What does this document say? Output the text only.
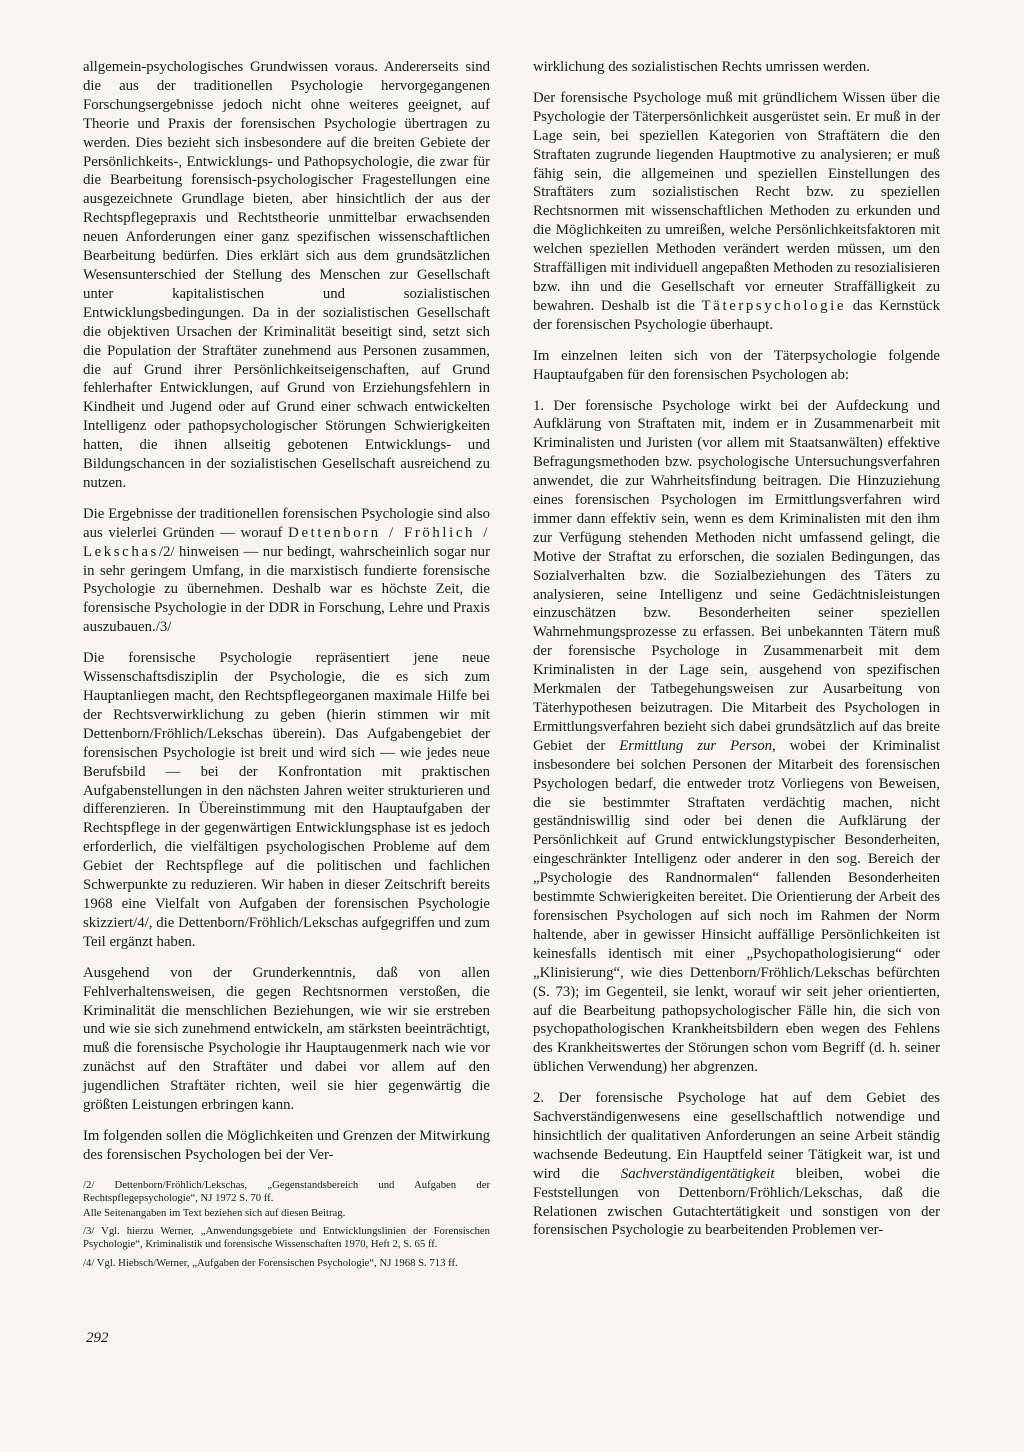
allgemein-psychologisches Grundwissen voraus. Andererseits sind die aus der traditionellen Psychologie hervorgegangenen Forschungsergebnisse jedoch nicht ohne weiteres geeignet, auf Theorie und Praxis der forensischen Psychologie übertragen zu werden. Dies bezieht sich insbesondere auf die breiten Gebiete der Persönlichkeits-, Entwicklungs- und Pathopsychologie, die zwar für die Bearbeitung forensisch-psychologischer Fragestellungen eine ausgezeichnete Grundlage bieten, aber hinsichtlich der aus der Rechtspflegepraxis und Rechtstheorie unmittelbar erwachsenden neuen Anforderungen einer ganz spezifischen wissenschaftlichen Bearbeitung bedürfen. Dies erklärt sich aus dem grundsätzlichen Wesensunterschied der Stellung des Menschen zur Gesellschaft unter kapitalistischen und sozialistischen Entwicklungsbedingungen. Da in der sozialistischen Gesellschaft die objektiven Ursachen der Kriminalität beseitigt sind, setzt sich die Population der Straftäter zunehmend aus Personen zusammen, die auf Grund ihrer Persönlichkeitseigenschaften, auf Grund fehlerhafter Entwicklungen, auf Grund von Erziehungsfehlern in Kindheit und Jugend oder auf Grund einer schwach entwickelten Intelligenz oder pathopsychologischer Störungen Schwierigkeiten hatten, die ihnen allseitig gebotenen Entwicklungs- und Bildungschancen in der sozialistischen Gesellschaft ausreichend zu nutzen.

Die Ergebnisse der traditionellen forensischen Psychologie sind also aus vielerlei Gründen — worauf Dettenborn / Fröhlich / Lekschas/2/ hinweisen — nur bedingt, wahrscheinlich sogar nur in sehr geringem Umfang, in die marxistisch fundierte forensische Psychologie zu übernehmen. Deshalb war es höchste Zeit, die forensische Psychologie in der DDR in Forschung, Lehre und Praxis auszubauen./3/

Die forensische Psychologie repräsentiert jene neue Wissenschaftsdisziplin der Psychologie, die es sich zum Hauptanliegen macht, den Rechtspflegeorganen maximale Hilfe bei der Rechtsverwirklichung zu geben (hierin stimmen wir mit Dettenborn/Fröhlich/Lekschas überein). Das Aufgabengebiet der forensischen Psychologie ist breit und wird sich — wie jedes neue Berufsbild — bei der Konfrontation mit praktischen Aufgabenstellungen in den nächsten Jahren weiter strukturieren und differenzieren. In Übereinstimmung mit den Hauptaufgaben der Rechtspflege in der gegenwärtigen Entwicklungsphase ist es jedoch erforderlich, die vielfältigen psychologischen Probleme auf dem Gebiet der Rechtspflege auf die politischen und fachlichen Schwerpunkte zu reduzieren. Wir haben in dieser Zeitschrift bereits 1968 eine Vielfalt von Aufgaben der forensischen Psychologie skizziert/4/, die Dettenborn/Fröhlich/Lekschas aufgegriffen und zum Teil ergänzt haben.

Ausgehend von der Grunderkenntnis, daß von allen Fehlverhaltensweisen, die gegen Rechtsnormen verstoßen, die Kriminalität die menschlichen Beziehungen, wie wir sie erstreben und wie sie sich zunehmend entwickeln, am stärksten beeinträchtigt, muß die forensische Psychologie ihr Hauptaugenmerk nach wie vor zunächst auf den Straftäter und dabei vor allem auf den jugendlichen Straftäter richten, weil sie hier gegenwärtig die größten Leistungen erbringen kann.

Im folgenden sollen die Möglichkeiten und Grenzen der Mitwirkung des forensischen Psychologen bei der Ver-

/2/ Dettenborn/Fröhlich/Lekschas, „Gegenstandsbereich und Aufgaben der Rechtspflegepsychologie“, NJ 1972 S. 70 ff.

Alle Seitenangaben im Text beziehen sich auf diesen Beitrag.

/3/ Vgl. hierzu Werner, „Anwendungsgebiete und Entwicklungslinien der Forensischen Psychologie“, Kriminalistik und forensische Wissenschaften 1970, Heft 2, S. 65 ff.

/4/ Vgl. Hiebsch/Werner, „Aufgaben der Forensischen Psychologie“, NJ 1968 S. 713 ff.

wirklichung des sozialistischen Rechts umrissen werden.

Der forensische Psychologe muß mit gründlichem Wissen über die Psychologie der Täterpersönlichkeit ausgerüstet sein. Er muß in der Lage sein, bei speziellen Kategorien von Straftätern die den Straftaten zugrunde liegenden Hauptmotive zu analysieren; er muß fähig sein, die allgemeinen und speziellen Einstellungen des Straftäters zum sozialistischen Recht bzw. zu speziellen Rechtsnormen mit wissenschaftlichen Methoden zu erkunden und die Möglichkeiten zu umreißen, welche Persönlichkeitsfaktoren mit welchen speziellen Methoden verändert werden müssen, um den Straffälligen mit individuell angepaßten Methoden zu resozialisieren bzw. ihn und die Gesellschaft vor erneuter Straffälligkeit zu bewahren. Deshalb ist die Täterpsychologie das Kernstück der forensischen Psychologie überhaupt.

Im einzelnen leiten sich von der Täterpsychologie folgende Hauptaufgaben für den forensischen Psychologen ab:

1. Der forensische Psychologe wirkt bei der Aufdeckung und Aufklärung von Straftaten mit, indem er in Zusammenarbeit mit Kriminalisten und Juristen (vor allem mit Staatsanwälten) effektive Befragungsmethoden bzw. psychologische Untersuchungsverfahren anwendet, die zur Wahrheitsfindung beitragen. Die Hinzuziehung eines forensischen Psychologen im Ermittlungsverfahren wird immer dann effektiv sein, wenn es dem Kriminalisten mit den ihm zur Verfügung stehenden Methoden nicht umfassend gelingt, die Motive der Straftat zu erforschen, die sozialen Bedingungen, das Sozialverhalten bzw. die Sozialbeziehungen des Täters zu analysieren, seine Intelligenz und seine Gedächtnisleistungen einzuschätzen bzw. Besonderheiten seiner speziellen Wahrnehmungsprozesse zu erfassen. Bei unbekannten Tätern muß der forensische Psychologe in Zusammenarbeit mit dem Kriminalisten in der Lage sein, ausgehend von spezifischen Merkmalen der Tatbegehungsweisen zur Ausarbeitung von Täterhypothesen beizutragen. Die Mitarbeit des Psychologen in Ermittlungsverfahren bezieht sich dabei grundsätzlich auf das breite Gebiet der Ermittlung zur Person, wobei der Kriminalist insbesondere bei solchen Personen der Mitarbeit des forensischen Psychologen bedarf, die entweder trotz Vorliegens von Beweisen, die sie bestimmter Straftaten verdächtig machen, nicht geständniswillig sind oder bei denen die Aufklärung der Persönlichkeit auf Grund entwicklungstypischer Besonderheiten, eingeschränkter Intelligenz oder anderer in den sog. Bereich der „Psychologie des Randnormalen“ fallenden Besonderheiten bestimmte Schwierigkeiten bereitet. Die Orientierung der Arbeit des forensischen Psychologen auf sich noch im Rahmen der Norm haltende, aber in gewisser Hinsicht auffällige Persönlichkeiten ist keinesfalls identisch mit einer „Psychopathologisierung“ oder „Klinisierung“, wie dies Dettenborn/Fröhlich/Lekschas befürchten (S. 73); im Gegenteil, sie lenkt, worauf wir seit jeher orientierten, auf die Bearbeitung pathopsychologischer Fälle hin, die sich von psychopathologischen Krankheitsbildern eben wegen des Fehlens des Krankheitswertes der Störungen schon vom Begriff (d. h. seiner üblichen Verwendung) her abgrenzen.

2. Der forensische Psychologe hat auf dem Gebiet des Sachverständigenwesens eine gesellschaftlich notwendige und hinsichtlich der qualitativen Anforderungen an seine Arbeit ständig wachsende Bedeutung. Ein Hauptfeld seiner Tätigkeit war, ist und wird die Sachverständigentätigkeit bleiben, wobei die Feststellungen von Dettenborn/Fröhlich/Lekschas, daß die Relationen zwischen Gutachtertätigkeit und sonstigen von der forensischen Psychologie zu bearbeitenden Problemen ver-

292
